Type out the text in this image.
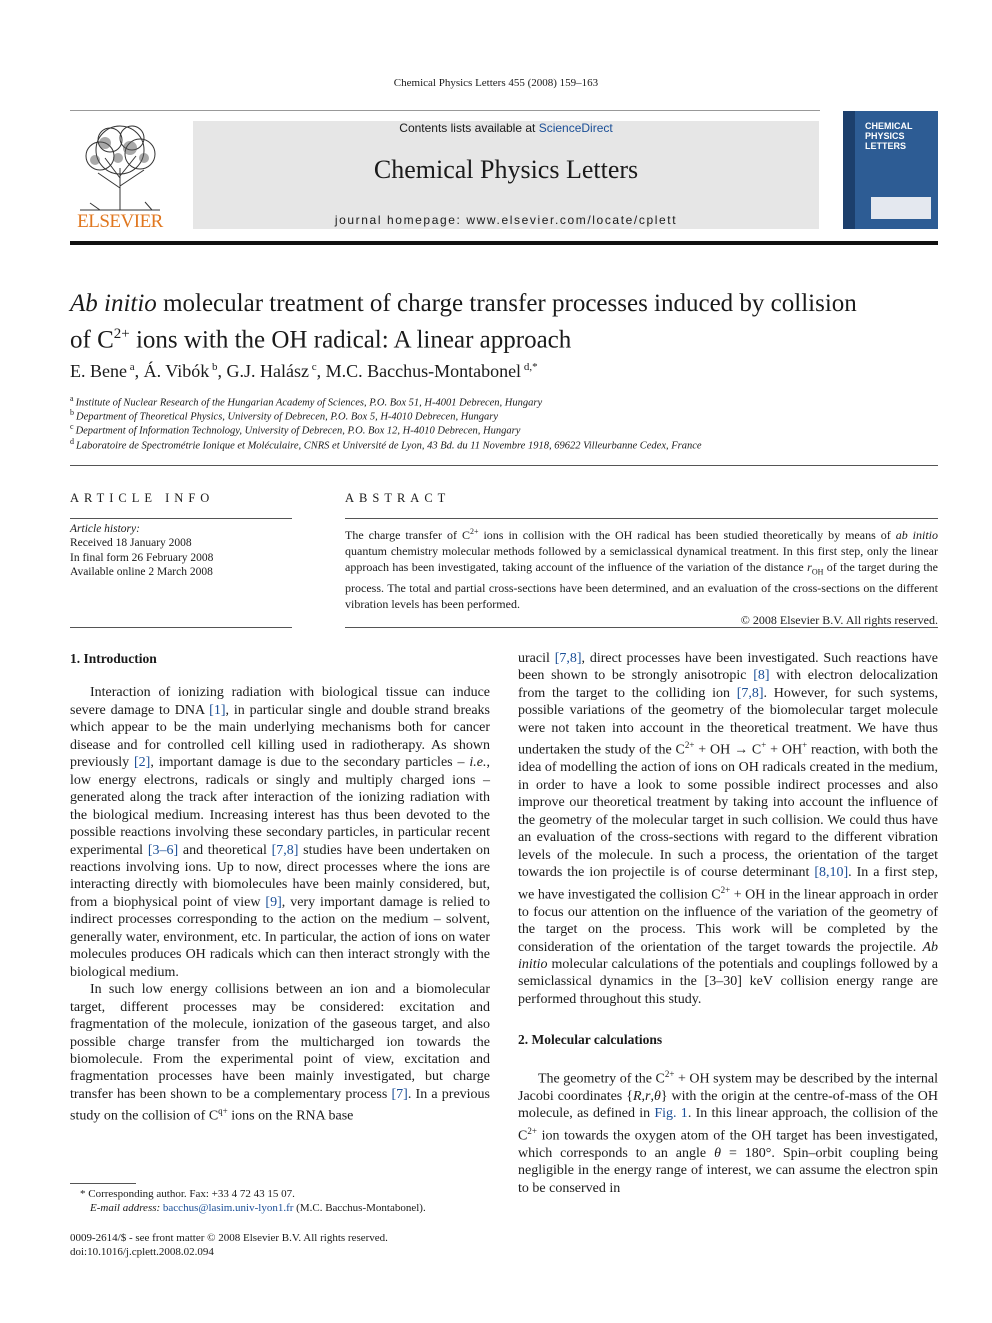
Chemical Physics Letters 455 (2008) 159–163
ELSEVIER
Contents lists available at ScienceDirect
Chemical Physics Letters
journal homepage: www.elsevier.com/locate/cplett
CHEMICAL
PHYSICS
LETTERS
Ab initio molecular treatment of charge transfer processes induced by collision
of $C^{2+}$ ions with the OH radical: A linear approach
E. Bene $^a$, Á. Vibók $^b$, G.J. Halász $^c$, M.C. Bacchus-Montabonel $^{d,*}$
$^a$ Institute of Nuclear Research of the Hungarian Academy of Sciences, P.O. Box 51, H-4001 Debrecen, Hungary
$^b$ Department of Theoretical Physics, University of Debrecen, P.O. Box 5, H-4010 Debrecen, Hungary
$^c$ Department of Information Technology, University of Debrecen, P.O. Box 12, H-4010 Debrecen, Hungary
$^d$ Laboratoire de Spectrométrie Ionique et Moléculaire, CNRS et Université de Lyon, 43 Bd. du 11 Novembre 1918, 69622 Villeurbanne Cedex, France
ARTICLE INFO
Article history:
Received 18 January 2008
In final form 26 February 2008
Available online 2 March 2008
ABSTRACT
The charge transfer of $C^{2+}$ ions in collision with the OH radical has been studied theoretically by means of ab initio quantum chemistry molecular methods followed by a semiclassical dynamical treatment. In this first step, only the linear approach has been investigated, taking account of the influence of the variation of the distance $r_{OH}$ of the target during the process. The total and partial cross-sections have been determined, and an evaluation of the cross-sections on the different vibration levels has been performed.
© 2008 Elsevier B.V. All rights reserved.

1. Introduction

Interaction of ionizing radiation with biological tissue can induce severe damage to DNA [1], in particular single and double strand breaks which appear to be the main underlying mechanisms both for cancer disease and for controlled cell killing used in radiotherapy. As shown previously [2], important damage is due to the secondary particles – i.e., low energy electrons, radicals or singly and multiply charged ions – generated along the track after interaction of the ionizing radiation with the biological medium. Increasing interest has thus been devoted to the possible reactions involving these secondary particles, in particular recent experimental [3–6] and theoretical [7,8] studies have been undertaken on reactions involving ions. Up to now, direct processes where the ions are interacting directly with biomolecules have been mainly considered, but, from a biophysical point of view [9], very important damage is relied to indirect processes corresponding to the action on the medium – solvent, generally water, environment, etc. In particular, the action of ions on water molecules produces OH radicals which can then interact strongly with the biological medium.

In such low energy collisions between an ion and a biomolecular target, different processes may be considered: excitation and fragmentation of the molecule, ionization of the gaseous target, and also possible charge transfer from the multicharged ion towards the biomolecule. From the experimental point of view, excitation and fragmentation processes have been mainly investigated, but charge transfer has been shown to be a complementary process [7]. In a previous study on the collision of $C^{q+}$ ions on the RNA base

uracil [7,8], direct processes have been investigated. Such reactions have been shown to be strongly anisotropic [8] with electron delocalization from the target to the colliding ion [7,8]. However, for such systems, possible variations of the geometry of the biomolecular target molecule were not taken into account in the theoretical treatment. We have thus undertaken the study of the $C^{2+}$ + OH → C+ + OH+ reaction, with both the idea of modelling the action of ions on OH radicals created in the medium, in order to have a look to some possible indirect processes and also improve our theoretical treatment by taking into account the influence of the geometry of the molecular target in such collision. We could thus have an evaluation of the cross-sections with regard to the different vibration levels of the molecule. In such a process, the orientation of the target towards the ion projectile is of course determinant [8,10]. In a first step, we have investigated the collision $C^{2+}$ + OH in the linear approach in order to focus our attention on the influence of the variation of the geometry of the target on the process. This work will be completed by the consideration of the orientation of the target towards the projectile. Ab initio molecular calculations of the potentials and couplings followed by a semiclassical dynamics in the [3–30] keV collision energy range are performed throughout this study.

2. Molecular calculations

The geometry of the $C^{2+}$ + OH system may be described by the internal Jacobi coordinates {R,r,θ} with the origin at the centre-of-mass of the OH molecule, as defined in Fig. 1. In this linear approach, the collision of the $C^{2+}$ ion towards the oxygen atom of the OH target has been investigated, which corresponds to an angle θ = 180°. Spin–orbit coupling being negligible in the energy range of interest, we can assume the electron spin to be conserved in

* Corresponding author. Fax: +33 4 72 43 15 07.
E-mail address: bacchus@lasim.univ-lyon1.fr (M.C. Bacchus-Montabonel).
0009-2614/$ - see front matter © 2008 Elsevier B.V. All rights reserved.
doi:10.1016/j.cplett.2008.02.094
